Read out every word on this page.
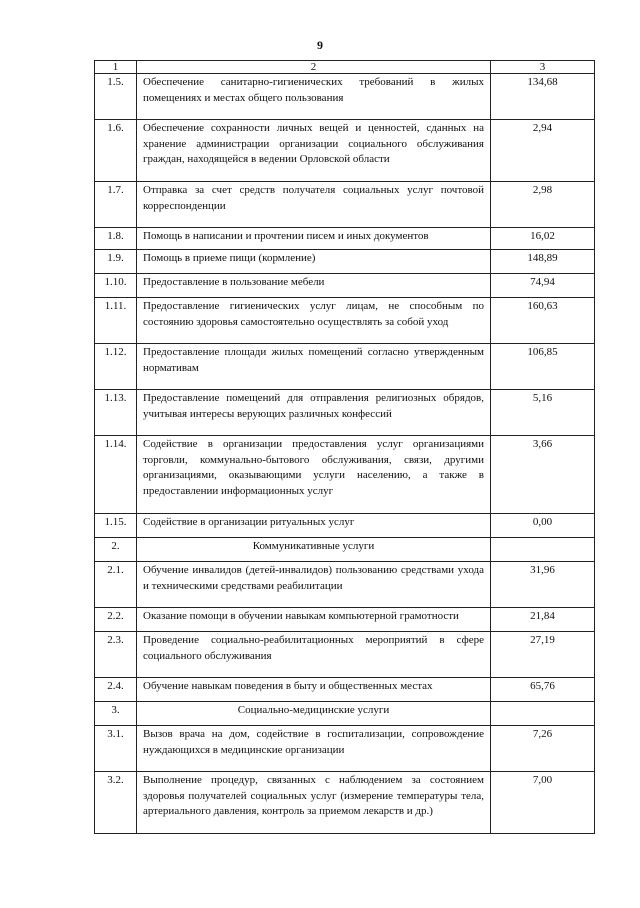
9
1	2	3
1.5.	Обеспечение санитарно-гигиенических требований в жилых помещениях и местах общего пользования	134,68
1.6.	Обеспечение сохранности личных вещей и ценностей, сданных на хранение администрации организации социального обслуживания граждан, находящейся в ведении Орловской области	2,94
1.7.	Отправка за счет средств получателя социальных услуг почтовой корреспонденции	2,98
1.8.	Помощь в написании и прочтении писем и иных документов	16,02
1.9.	Помощь в приеме пищи (кормление)	148,89
1.10.	Предоставление в пользование мебели	74,94
1.11.	Предоставление гигиенических услуг лицам, не способным по состоянию здоровья самостоятельно осуществлять за собой уход	160,63
1.12.	Предоставление площади жилых помещений согласно утвержденным нормативам	106,85
1.13.	Предоставление помещений для отправления религиозных обрядов, учитывая интересы верующих различных конфессий	5,16
1.14.	Содействие в организации предоставления услуг организациями торговли, коммунально-бытового обслуживания, связи, другими организациями, оказывающими услуги населению, а также в предоставлении информационных услуг	3,66
1.15.	Содействие в организации ритуальных услуг	0,00
2.	Коммуникативные услуги	
2.1.	Обучение инвалидов (детей-инвалидов) пользованию средствами ухода и техническими средствами реабилитации	31,96
2.2.	Оказание помощи в обучении навыкам компьютерной грамотности	21,84
2.3.	Проведение социально-реабилитационных мероприятий в сфере социального обслуживания	27,19
2.4.	Обучение навыкам поведения в быту и общественных местах	65,76
3.	Социально-медицинские услуги	
3.1.	Вызов врача на дом, содействие в госпитализации, сопровождение нуждающихся в медицинские организации	7,26
3.2.	Выполнение процедур, связанных с наблюдением за состоянием здоровья получателей социальных услуг (измерение температуры тела, артериального давления, контроль за приемом лекарств и др.)	7,00
